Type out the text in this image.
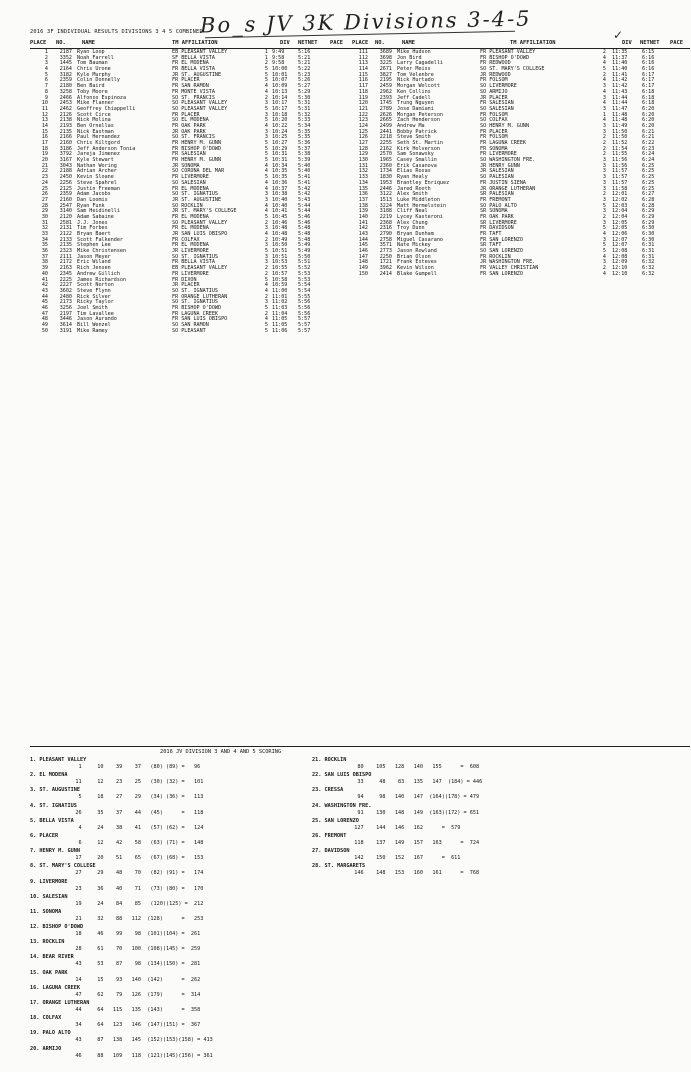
Bo_s JV 3K Divisions 3-4-5	✓
2016 3F INDIVIDUAL RESULTS DIVISIONS 3 4 5 COMBINED
PLACE NO.	NAME	TM AFFILIATION	DIV NETNET PACE PLACE NO.	NAME	TM AFFILIATION	DIV NETNET PACE
1	2187 Ryan Loop	EB PLEASANT VALLEY	1 9:49	5:16
2	3352 Noah Farrell	SF BELLA VISTA	1 9:58	5:21
3	1445 Tom Bauman	FR EL MODENA	2 9:58	5:21
4	2164 Chris Urone	FR BELLA VISTA	5 10:00 5:22
5	3182 Kyle Murphy	JR ST. AUGUSTINE	5 10:01 5:23
6	2359 Colin Donnelly	FR PLACER	5 10:07 5:26
7	2180 Ben Baird	FR SAN RAMON	4 10:09 5:27
8	3258 Toby Moore	FR MONTE VISTA	4 10:13 5:29
9	2466 Alfonso Espinoza	SO ST. FRANCIS	2 10:14 5:30
10	2453 Mike Flanner	SO PLEASANT VALLEY	3 10:17 5:31
11	2462 Geoffrey Chiappelli	SO PLEASANT VALLEY	5 10:17 5:31
12	2126 Scott Circe	FR PLACER	3 10:18 5:32
13	2138 Nick Molina	SO EL MODENA	5 10:20 5:33
14	2193 Ben Ornellas	FR OAK PARK	4 10:22 5:34
15	2135 Nick Eastman	JR OAK PARK	3 10:24 5:35
16	2166 Paul Hernandez	SO ST. FRANCIS	3 10:25 5:35
17	2160 Chris Kiltgord	FR HENRY M. GUNN	5 10:27 5:36
18	3186 Jeff Anderson Tonia	FR BISHOP O'DOWD	5 10:29 5:37
19	3792 Jareja Jimenez	FR SALESIAN	5 10:31 5:38
20	3167 Kyle Stewart	FR HENRY M. GUNN	5 10:31 5:39
21	3043 Nathan Woring	JR SONOMA	4 10:34 5:40
22	2188 Adrian Archer	SO CORONA DEL MAR	4 10:35 5:40
23	2450 Kevin Sloane	FR LIVERMORE	5 10:35 5:41
24	2256 Steve Spahrel	SO SALESIAN	4 10:36 5:41
25	2125 Justin Freeman	FR EL MODENA	4 10:37 5:42
26	2359 Adam Jacobs	SO ST. IGNATIUS	3 10:38 5:42
27	2160 Dan Loomis	JR ST. AUGUSTINE	3 10:40 5:43
28	2547 Ryan Funk	SO ROCKLIN	4 10:40 5:44
29	3140 Sam Heidinelli	JR ST. MARY'S COLLEGE	4 10:41 5:44
30	2120 Adam Sabaine	FR EL MODENA	5 10:45 5:46
31	2581 J.J. Jones	SO PLEASANT VALLEY	2 10:46 5:46
32	2131 Tim Forbes	FR EL MODENA	3 10:48 5:48
33	2122 Bryan Baert	JR SAN LUIS OBISPO	4 10:48 5:48
34	2133 Scott Falkender	FR COLFAX	2 10:49 5:48
35	2135 Stephen Lee	FR EL MODENA	3 10:50 5:49
36	2323 Mike Christensen	JR LIVERMORE	5 10:51 5:49
37	2111 Jason Meyer	SO ST. IGNATIUS	3 10:51 5:50
38	2172 Eric Wiland	FR BELLA VISTA	3 10:53 5:51
39	2163 Rich Jensen	EB PLEASANT VALLEY	2 10:55 5:52
40	2345 Andrew Gillich	FR LIVERMORE	2 10:57 5:53
41	2225 James Richardson	FR DIXON	5 10:58 5:53
42	2227 Scott Norton	JR PLACER	4 10:59 5:54
43	3602 Steve Flynn	SO ST. IGNATIUS	4 11:00 5:54
44	2480 Rick Silver	FR ORANGE LUTHERAN	2 11:01 5:55
45	2173 Ricky Taylor	SO ST. IGNATIUS	3 11:02 5:56
46	3256 Joel Smith	FR BISHOP O'DOWD	5 11:03 5:56
47	2197 Tim Lavallee	FR LAGUNA CREEK	2 11:04 5:56
48	3446 Jason Aurando	FR SAN LUIS OBISPO	4 11:05 5:57
49	3614 Bill Wenzel	SO SAN RAMON	5 11:05 5:57
50	3191 Mike Ramey	SO PLEASANT	5 11:06 5:57
111	3689 Mike Hudson	FR PLEASANT VALLEY	2 11:35	6:15
112	3698 Jon Bird	FR BISHOP O'DOWD	4 11:37	6:16
113	3225 Larry Cagadelli	FR REDWOOD	4 11:40	6:16
114	2671 Peter Meiss	SO ST. MARY'S COLLEGE	5 11:40	6:16
115	3827 Tom Velenbre	JR REDWOOD	2 11:41	6:17
116	2195 Nick Hurtado	FR FOLSOM	4 11:42	6:17
117	2459 Morgan Wolcott	SO LIVERMORE	3 11:42	6:17
118	2962 Ken Collins	SO ARMIJO	4 11:43	6:18
119	2393 Jeff Cadell	JR PLACER	3 11:44	6:18
120	1745 Trung Nguyen	FR SALESIAN	4 11:44	6:18
121	2789 Jose Damiani	SO SALESIAN	3 11:47	6:20
122	2626 Morgan Peterson	FR FOLSOM	1 11:48	6:20
123	2665 Zach Henderson	SO COLFAX	4 11:48	6:20
124	2499 Andrew Ma	SO HENRY M. GUNN	3 11:49	6:20
125	2441 Bobby Patrick	FR PLACER	3 11:50	6:21
126	2218 Steve Smith	FR FOLSOM	2 11:50	6:21
127	2255 Seth St. Martin	FR LAGUNA CREEK	2 11:52	6:22
128	2162 Kirk Holverson	FR SONOMA	2 11:54	6:23
129	2570 Sam Sonawsky	FR LIVERMORE	2 11:55	6:24
130	1965 Casey Smallin	SO WASHINGTON FRE.	3 11:56	6:24
131	2360 Erik Casanova	JR HENRY GUNN	3 11:56	6:25
132	1734 Elias Rosas	JR SALESIAN	3 11:57	6:25
133	1830 Ryan Healy	SO PALESIAN	3 11:57	6:25
134	1953 Brantley Enriquez	FR JUSTIN SIENA	3 11:57	6:25
135	2446 Jared Rooth	JR ORANGE LUTHERAN	3 11:58	6:25
136	3122 Alex Smith	SR PALESIAN	2 12:01	6:27
137	1513 Luke Middleton	FR FREMONT	3 12:02	6:28
138	3224 Matt Hermelstein	SO PALO ALTO	5 12:03	6:28
139	3188 Cliff Neal	SR SONOMA	3 12:04	6:29
140	2219 Lycey Kasteroni	FR OAK PARK	2 12:04	6:29
141	2368 Alex Chung	SR LIVERMORE	3 12:05	6:29
142	2316 Troy Dunn	FR DAVIDSON	5 12:05	6:30
143	2790 Bryan Dunham	FR TAFT	4 12:06	6:30
144	2758 Miguel Casarano	FR SAN LORENZO	3 12:07	6:30
145	3571 Nate Mickey	SR TAFT	5 12:07	6:31
146	2773 Jason Rowland	SO SAN LORENZO	5 12:08	6:31
147	2250 Brian Olson	FR ROCKLIN	4 12:08	6:31
148	1721 Frank Esteves	JR WASHINGTON FRE.	3 12:09	6:32
149	3962 Kevin Wilson	FR VALLEY CHRISTIAN	2 12:10	6:32
150	2414 Blake Gumpell	FR SAN LORENZO	4 12:10	6:32
2016 JV DIVISION 3 AND 4 AND 5 SCORING
1. PLEASANT VALLEY
1     10    39    37   (80) (89) =   96
2. EL MODENA
11     12    23    25   (30) (32) =   101
3. ST. AUGUSTINE
5     18    27    29   (34) (36) =   113
4. ST. IGNATIUS
26     35    37    44   (45)      =   118
5. BELLA VISTA
4     24    38    41   (57) (62) =   124
6. PLACER
6     12    42    58   (63) (71) =   148
7. HENRY M. GUNN
17     20    51    65   (67) (68) =   153
8. ST. MARY'S COLLEGE
27     29    48    70   (82) (91) =   174
9. LIVERMORE
23     36    40    71   (73) (80) =   170
10. SALESIAN
19     24    84    85   (120)(125) =  212
11. SONOMA
21     32    88   112  (128)      =   253
12. BISHOP O'DOWD
18     46    99    98  (101)(104) =  261
13. ROCKLIN
28     61    70   100  (108)(145) =  259
14. BEAR RIVER
43     53    87    98  (134)(150) =  281
15. OAK PARK
14     15    93   140  (142)      =  262
16. LAGUNA CREEK
47     62    79   126  (179)      =  314
17. ORANGE LUTHERAN
44     64   115   135  (143)      =  358
18. COLFAX
34     64   123   146  (147)(151) =  367
19. PALO ALTO
43     87   138   145  (152)(153)(158) = 413
20. ARMIJO
46     88   109   118  (121)(145)(156) = 361
21. ROCKLIN
80    105   128   140   155      =  608
22. SAN LUIS OBISPO
33     48    83   135   147  (184) = 446
23. CRESSA
94     98   140   147  (164)(178) = 479
24. WASHINGTON FRE.
91    130   148   149  (163)(172) = 651
25. SAN LORENZO
127    144   146   162      =  579
26. FREMONT
118    137   149   157   163      =  724
27. DAVIDSON
142    150   152   167      =  611
28. ST. MARGARETS
146    148   153   160   161      =  768
